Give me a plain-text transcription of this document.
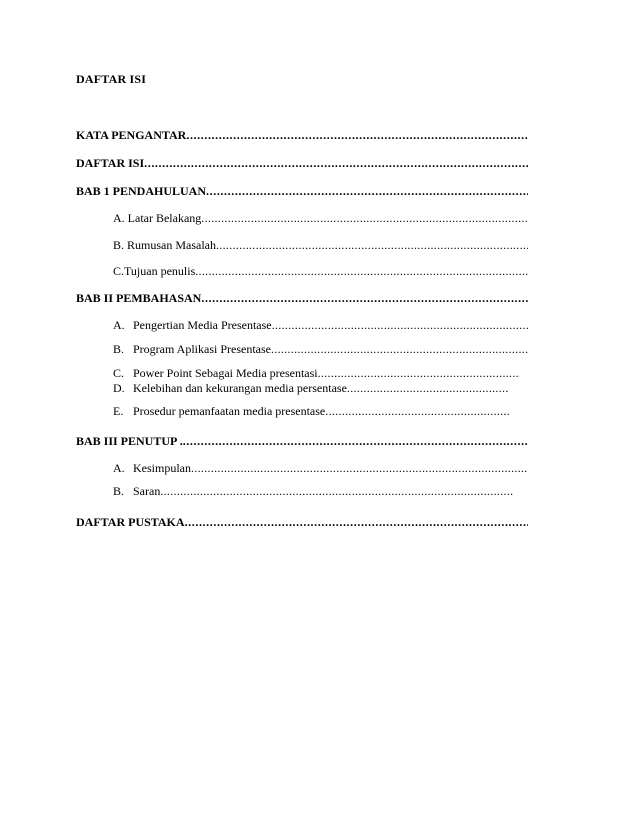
DAFTAR ISI
KATA PENGANTAR
.....
DAFTAR ISI
.....
BAB 1 PENDAHULUAN
.....
A. Latar Belakang
.....
B. Rumusan Masalah
.....
C.Tujuan penulis
.....
BAB II PEMBAHASAN
.....
A. Pengertian Media Presentase
.....
B. Program Aplikasi Presentase
.....
C. Power Point Sebagai Media presentasi
.....
D. Kelebihan dan kekurangan media persentase
.....
E. Prosedur pemanfaatan media presentase
.....
BAB III PENUTUP .
.....
A. Kesimpulan
.....
B. Saran
.....
DAFTAR PUSTAKA
.....
